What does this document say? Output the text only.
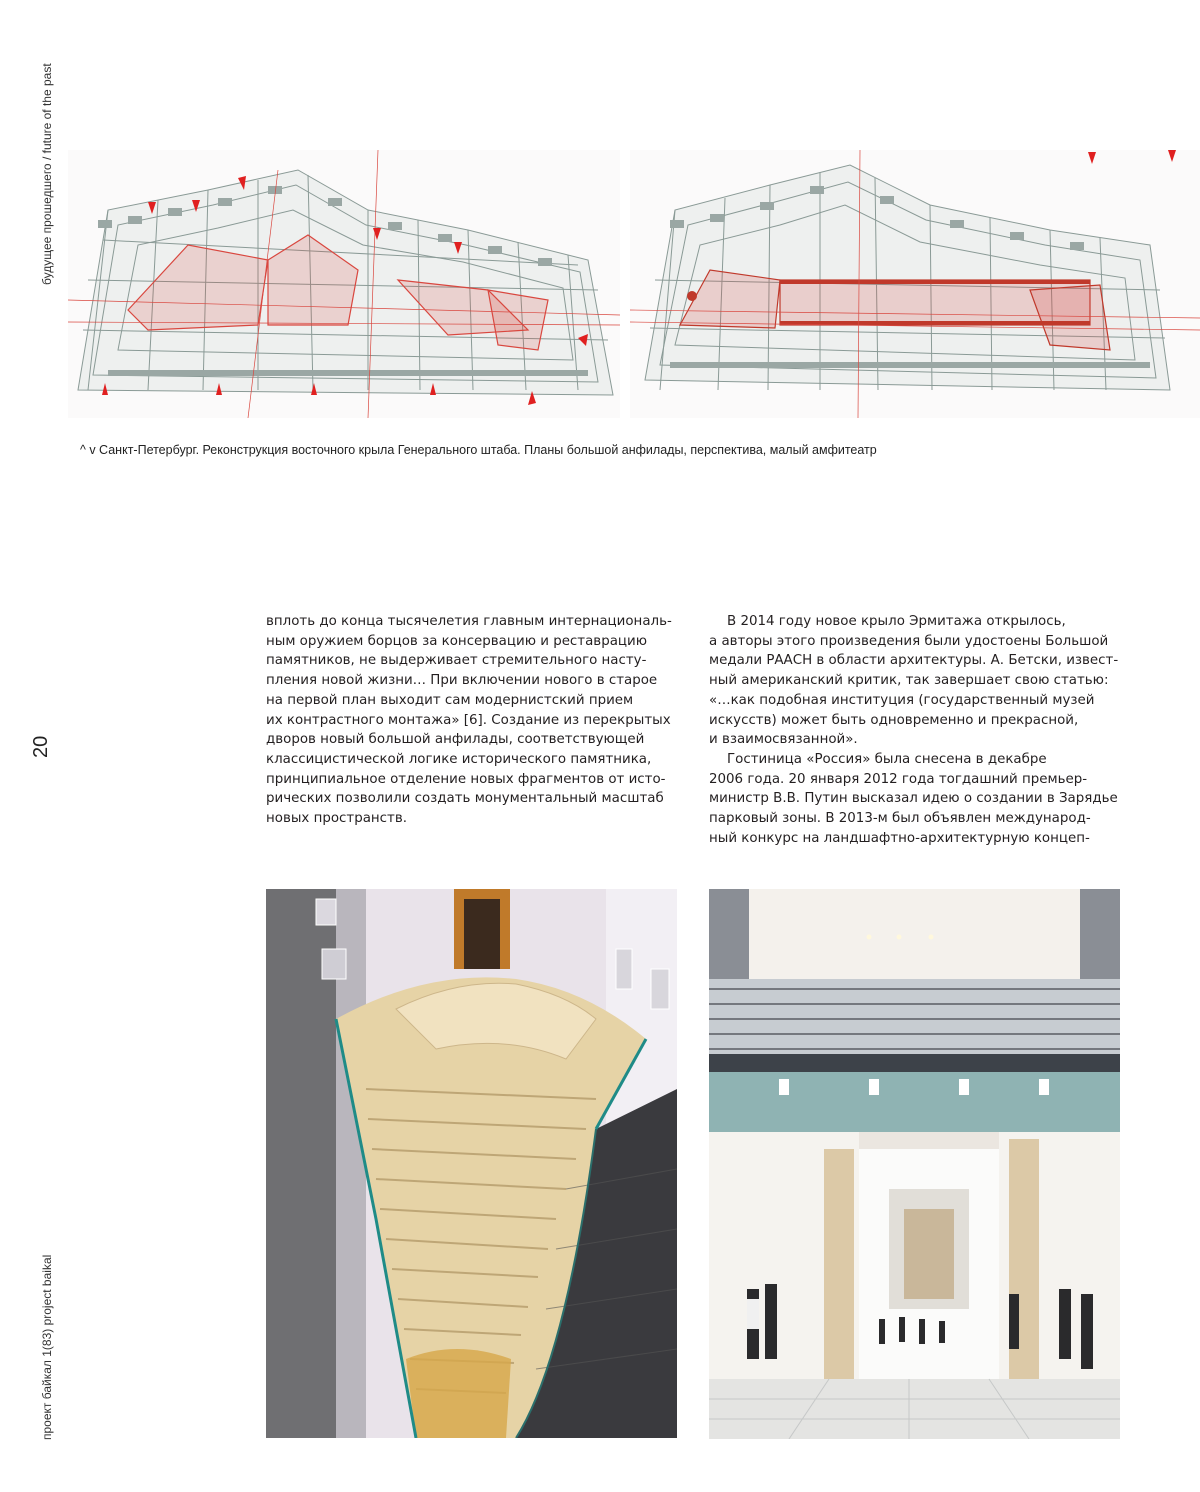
будущее прошедшего / future of the past
20
проект байкал 1(83) project baikal
^ v Санкт-Петербург. Реконструкция восточного крыла Генерального штаба. Планы большой анфилады, перспектива, малый амфитеатр

вплоть до конца тысячелетия главным интернациональ-
ным оружием борцов за консервацию и реставрацию
памятников, не выдерживает стремительного насту-
пления новой жизни… При включении нового в старое
на первой план выходит сам модернистский прием
их контрастного монтажа» [6]. Создание из перекрытых
дворов новый большой анфилады, соответствующей
классицистической логике исторического памятника,
принципиальное отделение новых фрагментов от исто-
рических позволили создать монументальный масштаб
новых пространств.

В 2014 году новое крыло Эрмитажа открылось,
а авторы этого произведения были удостоены Большой
медали РААСН в области архитектуры. А. Бетски, извест-
ный американский критик, так завершает свою статью:
«…как подобная институция (государственный музей
искусств) может быть одновременно и прекрасной,
и взаимосвязанной».

Гостиница «Россия» была снесена в декабре
2006 года. 20 января 2012 года тогдашний премьер-
министр В.В. Путин высказал идею о создании в Зарядье
парковый зоны. В 2013-м был объявлен международ-
ный конкурс на ландшафтно-архитектурную концеп-
